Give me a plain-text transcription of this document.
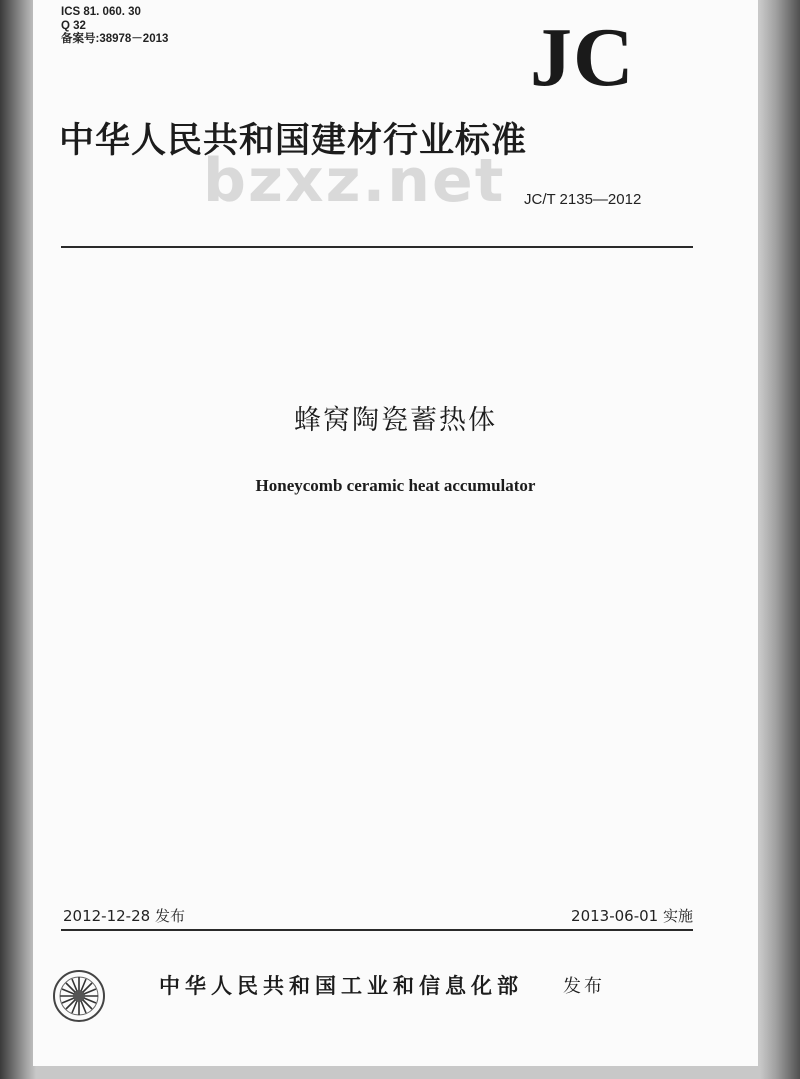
ICS 81. 060. 30
Q 32
备案号:38978－2013	JC
中华人民共和国建材行业标准
bzxz.net JC/T 2135—2012
蜂窝陶瓷蓄热体
Honeycomb ceramic heat accumulator
2012-12-28 发布	2013-06-01 实施
中华人民共和国工业和信息化部 发布
